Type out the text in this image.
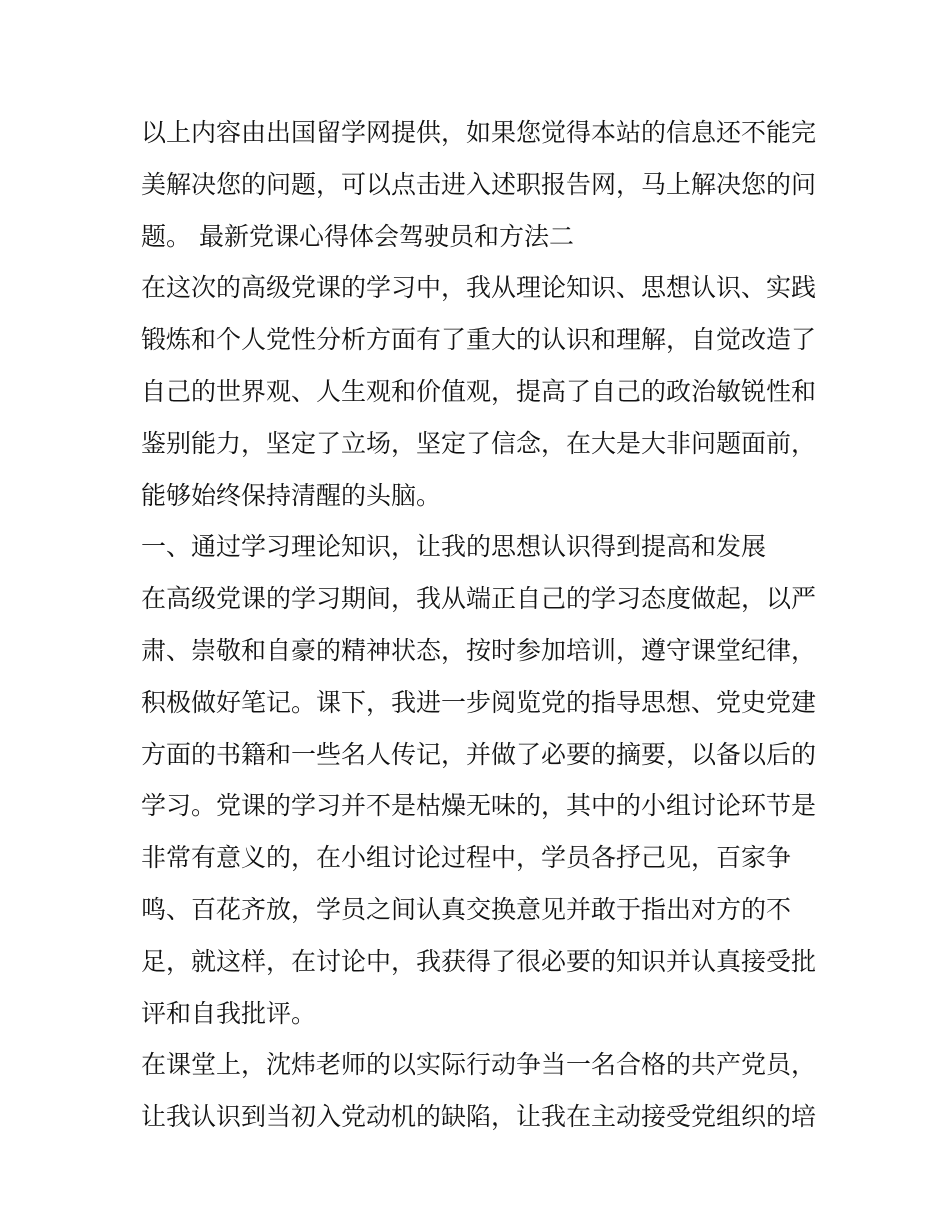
以上内容由出国留学网提供，如果您觉得本站的信息还不能完
美解决您的问题，可以点击进入述职报告网，马上解决您的问
题。 最新党课心得体会驾驶员和方法二
在这次的高级党课的学习中，我从理论知识、思想认识、实践
锻炼和个人党性分析方面有了重大的认识和理解，自觉改造了
自己的世界观、人生观和价值观，提高了自己的政治敏锐性和
鉴别能力，坚定了立场，坚定了信念，在大是大非问题面前，
能够始终保持清醒的头脑。
一、通过学习理论知识，让我的思想认识得到提高和发展
在高级党课的学习期间，我从端正自己的学习态度做起，以严
肃、崇敬和自豪的精神状态，按时参加培训，遵守课堂纪律，
积极做好笔记。课下，我进一步阅览党的指导思想、党史党建
方面的书籍和一些名人传记，并做了必要的摘要，以备以后的
学习。党课的学习并不是枯燥无味的，其中的小组讨论环节是
非常有意义的，在小组讨论过程中，学员各抒己见，百家争
鸣、百花齐放，学员之间认真交换意见并敢于指出对方的不
足，就这样，在讨论中，我获得了很必要的知识并认真接受批
评和自我批评。
在课堂上，沈炜老师的以实际行动争当一名合格的共产党员，
让我认识到当初入党动机的缺陷，让我在主动接受党组织的培
